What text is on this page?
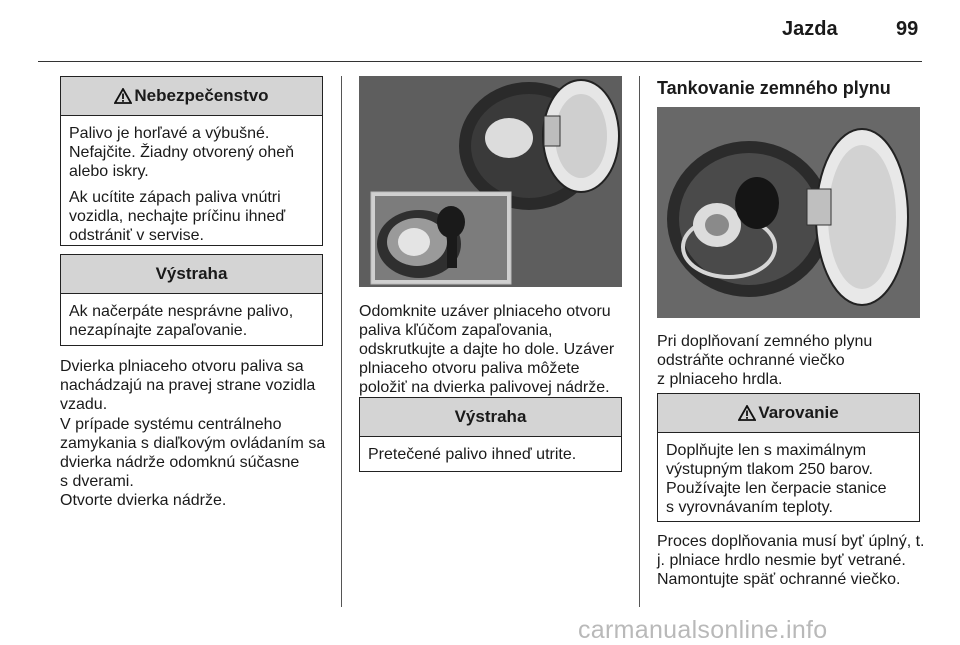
Jazda	99
Nebezpečenstvo

Palivo je horľavé a výbušné.
Nefajčite. Žiadny otvorený oheň
alebo iskry.

Ak ucítite zápach paliva vnútri
vozidla, nechajte príčinu ihneď
odstrániť v servise.

Výstraha

Ak načerpáte nesprávne palivo,
nezapínajte zapaľovanie.

Dvierka plniaceho otvoru paliva sa
nachádzajú na pravej strane vozidla
vzadu.

V prípade systému centrálneho
zamykania s diaľkovým ovládaním sa
dvierka nádrže odomknú súčasne
s dverami.

Otvorte dvierka nádrže.

Odomknite uzáver plniaceho otvoru
paliva kľúčom zapaľovania,
odskrutkujte a dajte ho dole. Uzáver
plniaceho otvoru paliva môžete
položiť na dvierka palivovej nádrže.

Výstraha

Pretečené palivo ihneď utrite.

Tankovanie zemného plynu

Pri doplňovaní zemného plynu
odstráňte ochranné viečko
z plniaceho hrdla.

Varovanie

Doplňujte len s maximálnym
výstupným tlakom 250 barov.
Používajte len čerpacie stanice
s vyrovnávaním teploty.

Proces doplňovania musí byť úplný, t.
j. plniace hrdlo nesmie byť vetrané.
Namontujte späť ochranné viečko.

carmanualsonline.info
